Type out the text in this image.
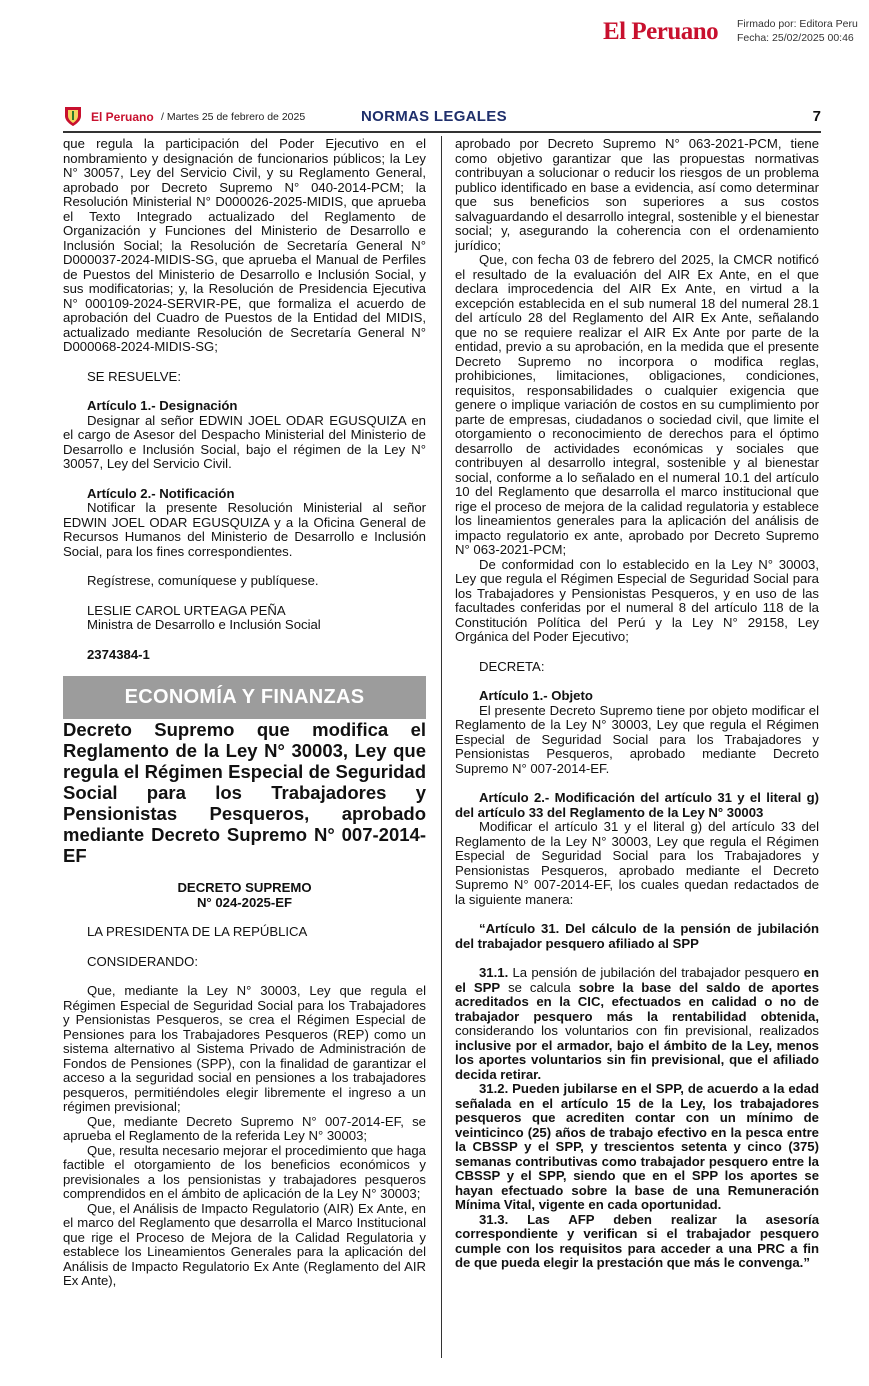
El Peruano Firmado por: Editora Peru
Fecha: 25/02/2025 00:46
El Peruano / Martes 25 de febrero de 2025	NORMAS LEGALES	7

que regula la participación del Poder Ejecutivo en el nombramiento y designación de funcionarios públicos; la Ley N° 30057, Ley del Servicio Civil, y su Reglamento General, aprobado por Decreto Supremo N° 040-2014-PCM; la Resolución Ministerial N° D000026-2025-MIDIS, que aprueba el Texto Integrado actualizado del Reglamento de Organización y Funciones del Ministerio de Desarrollo e Inclusión Social; la Resolución de Secretaría General N° D000037-2024-MIDIS-SG, que aprueba el Manual de Perfiles de Puestos del Ministerio de Desarrollo e Inclusión Social, y sus modificatorias; y, la Resolución de Presidencia Ejecutiva N° 000109-2024-SERVIR-PE, que formaliza el acuerdo de aprobación del Cuadro de Puestos de la Entidad del MIDIS, actualizado mediante Resolución de Secretaría General N° D000068-2024-MIDIS-SG;

SE RESUELVE:

Artículo 1.- Designación

Designar al señor EDWIN JOEL ODAR EGUSQUIZA en el cargo de Asesor del Despacho Ministerial del Ministerio de Desarrollo e Inclusión Social, bajo el régimen de la Ley N° 30057, Ley del Servicio Civil.

Artículo 2.- Notificación

Notificar la presente Resolución Ministerial al señor EDWIN JOEL ODAR EGUSQUIZA y a la Oficina General de Recursos Humanos del Ministerio de Desarrollo e Inclusión Social, para los fines correspondientes.

Regístrese, comuníquese y publíquese.

LESLIE CAROL URTEAGA PEÑA

Ministra de Desarrollo e Inclusión Social

2374384-1

ECONOMÍA Y FINANZAS

Decreto Supremo que modifica el Reglamento de la Ley N° 30003, Ley que regula el Régimen Especial de Seguridad Social para los Trabajadores y Pensionistas Pesqueros, aprobado mediante Decreto Supremo N° 007-2014-EF

DECRETO SUPREMO

N° 024-2025-EF

LA PRESIDENTA DE LA REPÚBLICA

CONSIDERANDO:

Que, mediante la Ley N° 30003, Ley que regula el Régimen Especial de Seguridad Social para los Trabajadores y Pensionistas Pesqueros, se crea el Régimen Especial de Pensiones para los Trabajadores Pesqueros (REP) como un sistema alternativo al Sistema Privado de Administración de Fondos de Pensiones (SPP), con la finalidad de garantizar el acceso a la seguridad social en pensiones a los trabajadores pesqueros, permitiéndoles elegir libremente el ingreso a un régimen previsional;

Que, mediante Decreto Supremo N° 007-2014-EF, se aprueba el Reglamento de la referida Ley N° 30003;

Que, resulta necesario mejorar el procedimiento que haga factible el otorgamiento de los beneficios económicos y previsionales a los pensionistas y trabajadores pesqueros comprendidos en el ámbito de aplicación de la Ley N° 30003;

Que, el Análisis de Impacto Regulatorio (AIR) Ex Ante, en el marco del Reglamento que desarrolla el Marco Institucional que rige el Proceso de Mejora de la Calidad Regulatoria y establece los Lineamientos Generales para la aplicación del Análisis de Impacto Regulatorio Ex Ante (Reglamento del AIR Ex Ante),

aprobado por Decreto Supremo N° 063-2021-PCM, tiene como objetivo garantizar que las propuestas normativas contribuyan a solucionar o reducir los riesgos de un problema publico identificado en base a evidencia, así como determinar que sus beneficios son superiores a sus costos salvaguardando el desarrollo integral, sostenible y el bienestar social; y, asegurando la coherencia con el ordenamiento jurídico;

Que, con fecha 03 de febrero del 2025, la CMCR notificó el resultado de la evaluación del AIR Ex Ante, en el que declara improcedencia del AIR Ex Ante, en virtud a la excepción establecida en el sub numeral 18 del numeral 28.1 del artículo 28 del Reglamento del AIR Ex Ante, señalando que no se requiere realizar el AIR Ex Ante por parte de la entidad, previo a su aprobación, en la medida que el presente Decreto Supremo no incorpora o modifica reglas, prohibiciones, limitaciones, obligaciones, condiciones, requisitos, responsabilidades o cualquier exigencia que genere o implique variación de costos en su cumplimiento por parte de empresas, ciudadanos o sociedad civil, que limite el otorgamiento o reconocimiento de derechos para el óptimo desarrollo de actividades económicas y sociales que contribuyen al desarrollo integral, sostenible y al bienestar social, conforme a lo señalado en el numeral 10.1 del artículo 10 del Reglamento que desarrolla el marco institucional que rige el proceso de mejora de la calidad regulatoria y establece los lineamientos generales para la aplicación del análisis de impacto regulatorio ex ante, aprobado por Decreto Supremo N° 063-2021-PCM;

De conformidad con lo establecido en la Ley N° 30003, Ley que regula el Régimen Especial de Seguridad Social para los Trabajadores y Pensionistas Pesqueros, y en uso de las facultades conferidas por el numeral 8 del artículo 118 de la Constitución Política del Perú y la Ley N° 29158, Ley Orgánica del Poder Ejecutivo;

DECRETA:

Artículo 1.- Objeto

El presente Decreto Supremo tiene por objeto modificar el Reglamento de la Ley N° 30003, Ley que regula el Régimen Especial de Seguridad Social para los Trabajadores y Pensionistas Pesqueros, aprobado mediante Decreto Supremo N° 007-2014-EF.

Artículo 2.- Modificación del artículo 31 y el literal g) del artículo 33 del Reglamento de la Ley N° 30003

Modificar el artículo 31 y el literal g) del artículo 33 del Reglamento de la Ley N° 30003, Ley que regula el Régimen Especial de Seguridad Social para los Trabajadores y Pensionistas Pesqueros, aprobado mediante el Decreto Supremo N° 007-2014-EF, los cuales quedan redactados de la siguiente manera:

“Artículo 31. Del cálculo de la pensión de jubilación del trabajador pesquero afiliado al SPP

31.1. La pensión de jubilación del trabajador pesquero en el SPP se calcula sobre la base del saldo de aportes acreditados en la CIC, efectuados en calidad o no de trabajador pesquero más la rentabilidad obtenida, considerando los voluntarios con fin previsional, realizados inclusive por el armador, bajo el ámbito de la Ley, menos los aportes voluntarios sin fin previsional, que el afiliado decida retirar.

31.2. Pueden jubilarse en el SPP, de acuerdo a la edad señalada en el artículo 15 de la Ley, los trabajadores pesqueros que acrediten contar con un mínimo de veinticinco (25) años de trabajo efectivo en la pesca entre la CBSSP y el SPP, y trescientos setenta y cinco (375) semanas contributivas como trabajador pesquero entre la CBSSP y el SPP, siendo que en el SPP los aportes se hayan efectuado sobre la base de una Remuneración Mínima Vital, vigente en cada oportunidad.

31.3. Las AFP deben realizar la asesoría correspondiente y verifican si el trabajador pesquero cumple con los requisitos para acceder a una PRC a fin de que pueda elegir la prestación que más le convenga.”
